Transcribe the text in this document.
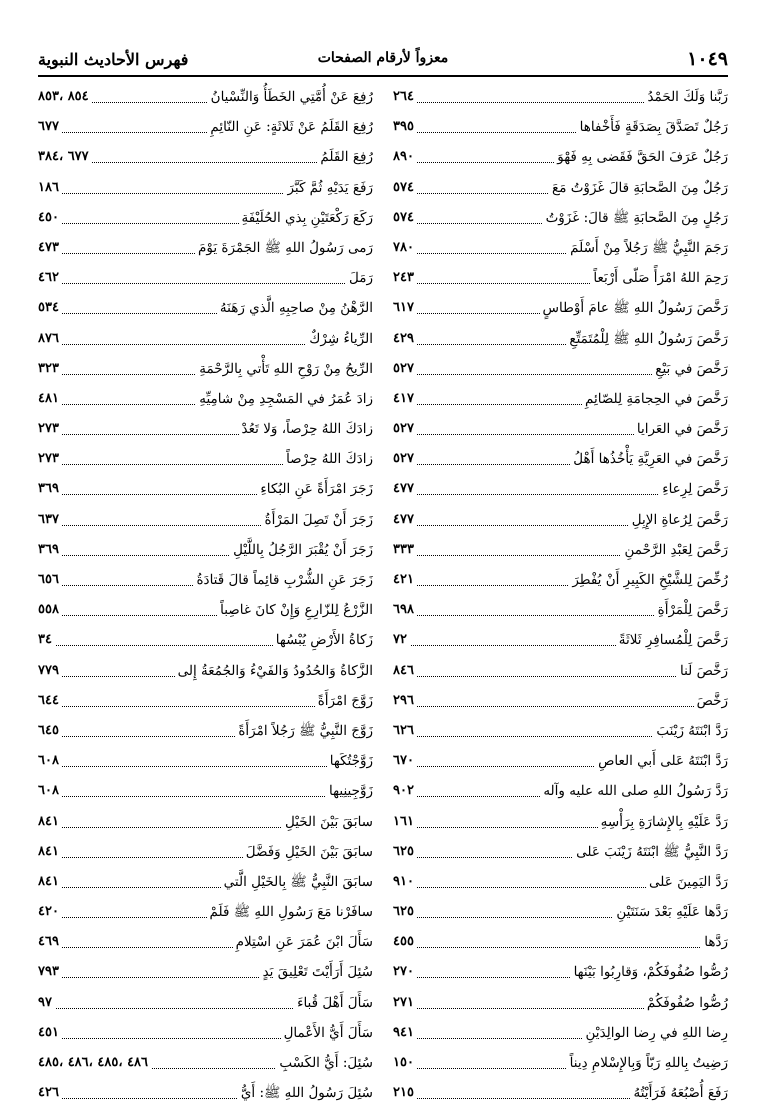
فهرس الأحاديث النبوية	معزواً لأرقام الصفحات	١٠٤٩
رَبَّنا وَلَكَ الحَمْدُ
٢٦٤
رَجُلٌ تَصَدَّقَ بِصَدَقَةٍ فَأَخْفاها
٣٩٥
رَجُلٌ عَرَفَ الحَقَّ فَقَضى بِهِ فَهْوَ
٨٩٠
رَجُلٌ مِنَ الصَّحابَةِ قالَ غَزَوْتُ مَعَ
٥٧٤
رَجُلٍ مِنَ الصَّحابَةِ ﷺ قالَ: غَزَوْتُ
٥٧٤
رَجَمَ النَّبِيُّ ﷺ رَجُلاً مِنْ أَسْلَمَ
٧٨٠
رَحِمَ اللهُ امْرَأً صَلّى أَرْبَعاً
٢٤٣
رَخَّصَ رَسُولُ اللهِ ﷺ عامَ أَوْطاسٍ
٦١٧
رَخَّصَ رَسُولُ اللهِ ﷺ لِلْمُتَمَتِّعِ
٤٢٩
رَخَّصَ في بَيْعِ
٥٢٧
رَخَّصَ في الحِجامَةِ لِلصّائِمِ
٤١٧
رَخَّصَ في العَرايا
٥٢٧
رَخَّصَ في العَرِيَّةِ يَأْخُذُها أَهْلُ
٥٢٧
رَخَّصَ لِرِعاءِ
٤٧٧
رَخَّصَ لِرُعاةِ الإِبِلِ
٤٧٧
رَخَّصَ لِعَبْدِ الرَّحْمنِ
٣٣٣
رُخِّصَ لِلشَّيْخِ الكَبِيرِ أَنْ يُفْطِرَ
٤٢١
رَخَّصَ لِلْمَرْأَةِ
٦٩٨
رَخَّصَ لِلْمُسافِرِ ثَلاثَةً
٧٢
رَخَّصَ لَنا
٨٤٦
رَخَّصَ
٢٩٦
رَدَّ ابْنَتَهُ زَيْنَبَ
٦٢٦
رَدَّ ابْنَتَهُ عَلى أَبي العاصِ
٦٧٠
رَدَّ رَسُولُ اللهِ صلى الله عليه وآله
٩٠٢
رَدَّ عَلَيْهِ بِالإِشارَةِ بِرَأْسِهِ
١٦١
رَدَّ النَّبِيُّ ﷺ ابْنَتَهُ زَيْنَبَ عَلى
٦٢٥
رَدَّ اليَمِينَ عَلى
٩١٠
رَدَّها عَلَيْهِ بَعْدَ سَنَتَيْنِ
٦٢٥
رَدَّها
٤٥٥
رُصُّوا صُفُوفَكُمْ، وَقارِبُوا بَيْنَها
٢٧٠
رُصُّوا صُفُوفَكُمْ
٢٧١
رِضا اللهِ في رِضا الوالِدَيْنِ
٩٤١
رَضِيتُ بِاللهِ رَبّاً وَبِالإِسْلامِ دِيناً
١٥٠
رَفَعَ أُصْبُعَهُ فَرَأَيْتُهُ
٢١٥
رُفِعَ عَنْ أُمَّتِي الخَطَأُ وَالنِّسْيانُ
٨٥٤ ،٨٥٣
رُفِعَ القَلَمُ عَنْ ثَلاثَةٍ: عَنِ النّائِمِ
٦٧٧
رُفِعَ القَلَمُ
٦٧٧ ،٣٨٤
رَفَعَ يَدَيْهِ ثُمَّ كَبَّرَ
١٨٦
رَكَعَ رَكْعَتَيْنِ بِذي الحُلَيْفَةِ
٤٥٠
رَمى رَسُولُ اللهِ ﷺ الجَمْرَةَ يَوْمَ
٤٧٣
رَمَلَ
٤٦٢
الرَّهْنُ مِنْ صاحِبِهِ الَّذي رَهَنَهُ
٥٣٤
الرِّياءُ شِرْكٌ
٨٧٦
الرِّيحُ مِنْ رَوْحِ اللهِ تَأْتي بِالرَّحْمَةِ
٣٢٣
زادَ عُمَرُ في المَسْجِدِ مِنْ شامِيِّهِ
٤٨١
زادَكَ اللهُ حِرْصاً، وَلا تَعُدْ
٢٧٣
زادَكَ اللهُ حِرْصاً
٢٧٣
زَجَرَ امْرَأَةً عَنِ البُكاءِ
٣٦٩
زَجَرَ أَنْ تَصِلَ المَرْأَةُ
٦٣٧
زَجَرَ أَنْ يُقْبَرَ الرَّجُلُ بِاللَّيْلِ
٣٦٩
زَجَرَ عَنِ الشُّرْبِ قائِماً قالَ قَتادَةُ
٦٥٦
الزَّرْعُ لِلزّارِعِ وَإِنْ كانَ غاصِباً
٥٥٨
زَكاةُ الأَرْضِ يُبْسُها
٣٤
الزَّكاةُ وَالحُدُودُ وَالفَيْءُ وَالجُمُعَةُ إِلى
٧٧٩
زَوَّجَ امْرَأَةً
٦٤٤
زَوَّجَ النَّبِيُّ ﷺ رَجُلاً امْرَأَةً
٦٤٥
زَوَّجْتُكَها
٦٠٨
زَوَّجِينِيها
٦٠٨
سابَقَ بَيْنَ الخَيْلِ
٨٤١
سابَقَ بَيْنَ الخَيْلِ وَفَضَّلَ
٨٤١
سابَقَ النَّبِيُّ ﷺ بِالخَيْلِ الَّتي
٨٤١
سافَرْنا مَعَ رَسُولِ اللهِ ﷺ فَلَمْ
٤٢٠
سَأَلَ ابْنَ عُمَرَ عَنِ اسْتِلامِ
٤٦٩
سُئِلَ أَرَأَيْتَ تَعْلِيقَ يَدٍ
٧٩٣
سَأَلَ أَهْلَ قُباءَ
٩٧
سَأَلَ أَيُّ الأَعْمالِ
٤٥١
سُئِلَ: أَيُّ الكَسْبِ
٤٨٦ ،٤٨٥ ،٤٨٦ ،٤٨٥
سُئِلَ رَسُولُ اللهِ ﷺ: أَيُّ
٤٢٦
